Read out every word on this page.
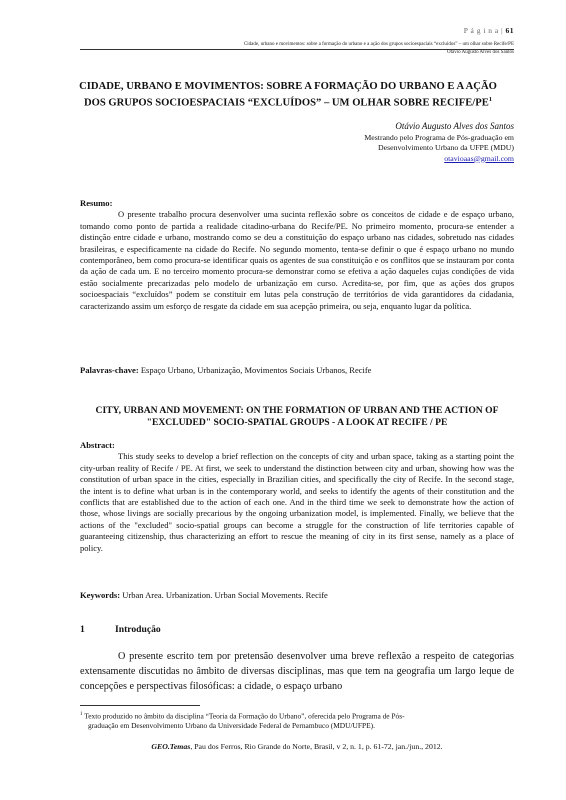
P á g i n a | 61
Cidade, urbano e movimentos: sobre a formação do urbano e a ação dos grupos socioespaciais “excluídos” – um olhar sobre Recife/PE
Otávio Augusto Alves dos Santos
CIDADE, URBANO E MOVIMENTOS: SOBRE A FORMAÇÃO DO URBANO E A AÇÃO DOS GRUPOS SOCIOESPACIAIS “EXCLUÍDOS” – UM OLHAR SOBRE RECIFE/$PE^1$
Otávio Augusto Alves dos Santos
Mestrando pelo Programa de Pós-graduação em
Desenvolvimento Urbano da UFPE (MDU)
otavioaas@gmail.com
Resumo:

O presente trabalho procura desenvolver uma sucinta reflexão sobre os conceitos de cidade e de espaço urbano, tomando como ponto de partida a realidade citadino-urbana do Recife/PE. No primeiro momento, procura-se entender a distinção entre cidade e urbano, mostrando como se deu a constituição do espaço urbano nas cidades, sobretudo nas cidades brasileiras, e especificamente na cidade do Recife. No segundo momento, tenta-se definir o que é espaço urbano no mundo contemporâneo, bem como procura-se identificar quais os agentes de sua constituição e os conflitos que se instauram por conta da ação de cada um. E no terceiro momento procura-se demonstrar como se efetiva a ação daqueles cujas condições de vida estão socialmente precarizadas pelo modelo de urbanização em curso. Acredita-se, por fim, que as ações dos grupos socioespaciais “excluídos” podem se constituir em lutas pela construção de territórios de vida garantidores da cidadania, caracterizando assim um esforço de resgate da cidade em sua acepção primeira, ou seja, enquanto lugar da política.

Palavras-chave: Espaço Urbano, Urbanização, Movimentos Sociais Urbanos, Recife
CITY, URBAN AND MOVEMENT: ON THE FORMATION OF URBAN AND THE ACTION OF "EXCLUDED" SOCIO-SPATIAL GROUPS - A LOOK AT RECIFE / PE
Abstract:

This study seeks to develop a brief reflection on the concepts of city and urban space, taking as a starting point the city-urban reality of Recife / PE. At first, we seek to understand the distinction between city and urban, showing how was the constitution of urban space in the cities, especially in Brazilian cities, and specifically the city of Recife. In the second stage, the intent is to define what urban is in the contemporary world, and seeks to identify the agents of their constitution and the conflicts that are established due to the action of each one. And in the third time we seek to demonstrate how the action of those, whose livings are socially precarious by the ongoing urbanization model, is implemented. Finally, we believe that the actions of the "excluded" socio-spatial groups can become a struggle for the construction of life territories capable of guaranteeing citizenship, thus characterizing an effort to rescue the meaning of city in its first sense, namely as a place of policy.

Keywords: Urban Area. Urbanization. Urban Social Movements. Recife
1	Introdução

O presente escrito tem por pretensão desenvolver uma breve reflexão a respeito de categorias extensamente discutidas no âmbito de diversas disciplinas, mas que tem na geografia um largo leque de concepções e perspectivas filosóficas: a cidade, o espaço urbano

$^1$ Texto produzido no âmbito da disciplina “Teoria da Formação do Urbano”, oferecida pelo Programa de Pós-
graduação em Desenvolvimento Urbano da Universidade Federal de Pernambuco (MDU/UFPE).
GEO.Temas, Pau dos Ferros, Rio Grande do Norte, Brasil, v 2, n. 1, p. 61-72, jan./jun., 2012.
